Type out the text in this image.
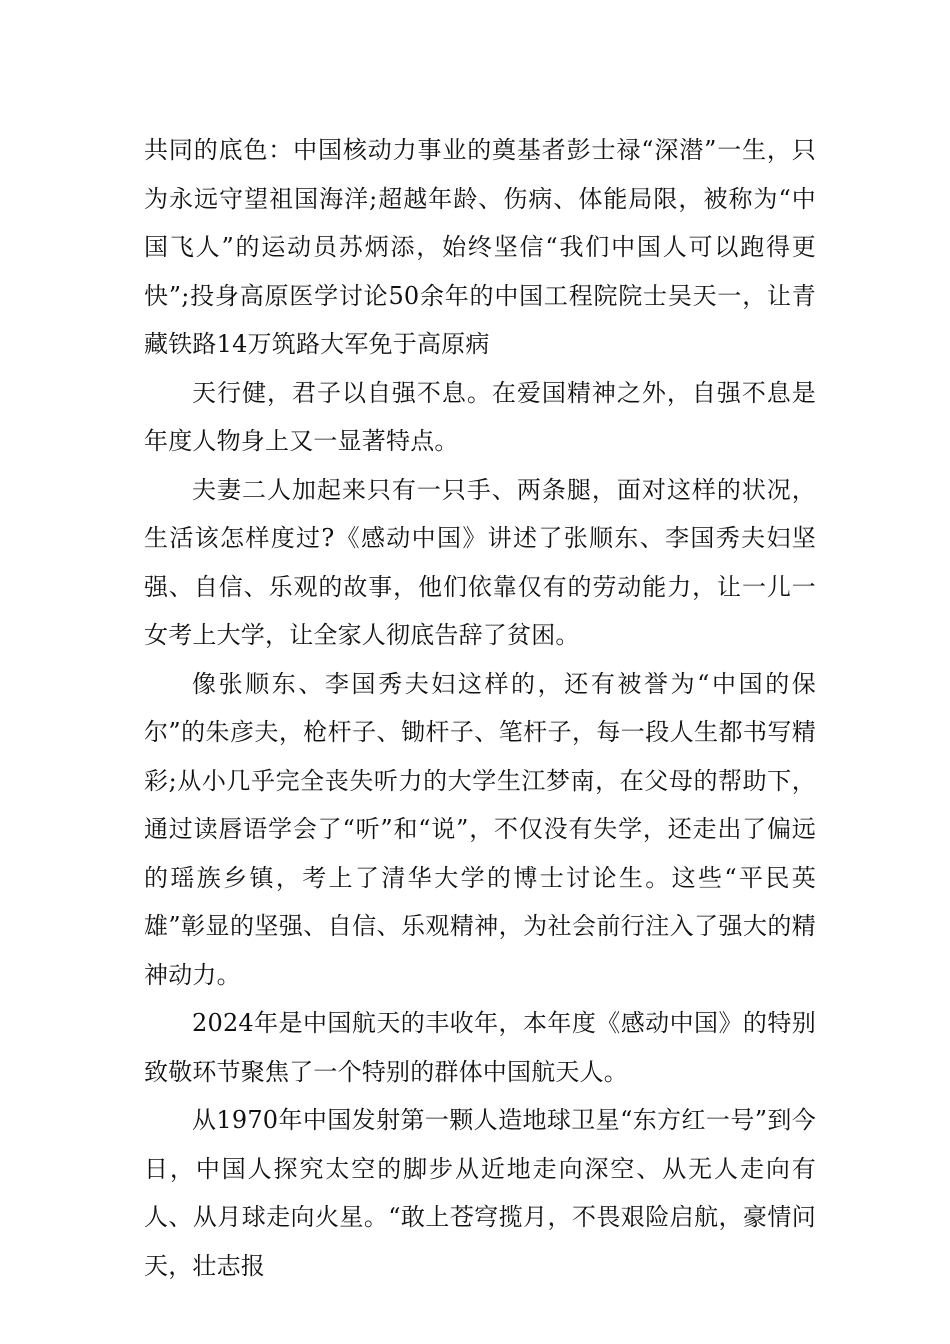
共同的底色：中国核动力事业的奠基者彭士禄“深潜”一生，只为永远守望祖国海洋;超越年龄、伤病、体能局限，被称为“中国飞人”的运动员苏炳添，始终坚信“我们中国人可以跑得更快”;投身高原医学讨论50余年的中国工程院院士吴天一，让青藏铁路14万筑路大军免于高原病

天行健，君子以自强不息。在爱国精神之外，自强不息是年度人物身上又一显著特点。

夫妻二人加起来只有一只手、两条腿，面对这样的状况，生活该怎样度过?《感动中国》讲述了张顺东、李国秀夫妇坚强、自信、乐观的故事，他们依靠仅有的劳动能力，让一儿一女考上大学，让全家人彻底告辞了贫困。

像张顺东、李国秀夫妇这样的，还有被誉为“中国的保尔”的朱彦夫，枪杆子、锄杆子、笔杆子，每一段人生都书写精彩;从小几乎完全丧失听力的大学生江梦南，在父母的帮助下，通过读唇语学会了“听”和“说”，不仅没有失学，还走出了偏远的瑶族乡镇，考上了清华大学的博士讨论生。这些“平民英雄”彰显的坚强、自信、乐观精神，为社会前行注入了强大的精神动力。

2024年是中国航天的丰收年，本年度《感动中国》的特别致敬环节聚焦了一个特别的群体中国航天人。

从1970年中国发射第一颗人造地球卫星“东方红一号”到今日，中国人探究太空的脚步从近地走向深空、从无人走向有人、从月球走向火星。“敢上苍穹揽月，不畏艰险启航，豪情问天，壮志报
